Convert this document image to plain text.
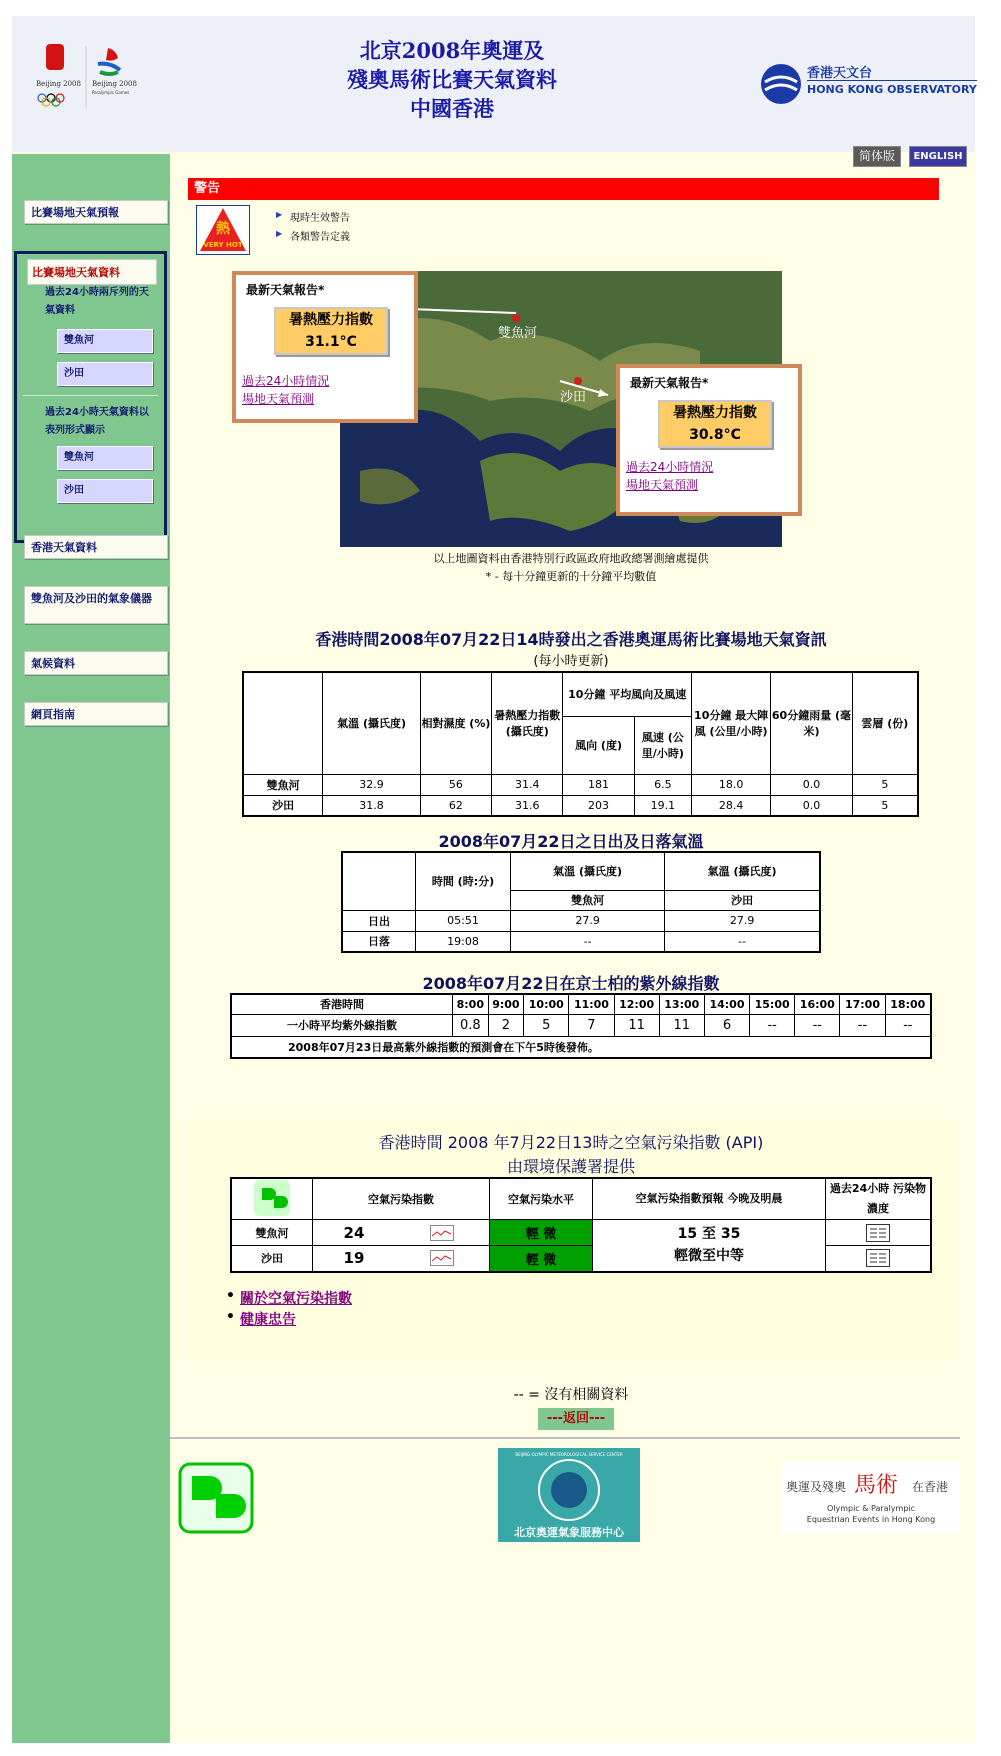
Beijing 2008 Beijing 2008
Paralympic Games
北京2008年奧運及
殘奧馬術比賽天氣資料
中國香港
香港天文台
HONG KONG OBSERVATORY
比賽場地天氣預報
比賽場地天氣資料
過去24小時兩斥列的天氣資料
雙魚河
沙田
過去24小時天氣資料以表列形式顯示
雙魚河
沙田
香港天氣資料
雙魚河及沙田的氣象儀器
氣候資料
網頁指南
简体版	ENGLISH
警告
熱
VERY HOT
▶ 現時生效警告
▶ 各類警告定義
雙魚河
沙田
最新天氣報告*
暑熱壓力指數
31.1°C
過去24小時情況
場地天氣預測
最新天氣報告*
暑熱壓力指數
30.8°C
過去24小時情況
場地天氣預測
以上地圖資料由香港特別行政區政府地政總署測繪處提供
* - 每十分鐘更新的十分鐘平均數值
香港時間2008年07月22日14時發出之香港奧運馬術比賽場地天氣資訊
(每小時更新)
	氣溫 (攝氏度)	相對濕度 (%)	暑熱壓力指數 (攝氏度)	10分鐘 平均風向及風速		10分鐘 最大陣風 (公里/小時)	60分鐘雨量 (毫米)	雲層 (份)
				風向 (度)	風速 (公里/小時)			
雙魚河	32.9	56	31.4	181	6.5	18.0	0.0	5
沙田	31.8	62	31.6	203	19.1	28.4	0.0	5
2008年07月22日之日出及日落氣溫
	時間 (時:分)	氣溫 (攝氏度)	氣溫 (攝氏度)
		雙魚河	沙田
日出	05:51	27.9	27.9
日落	19:08	--	--
2008年07月22日在京士柏的紫外線指數
香港時間	8:00	9:00	10:00	11:00	12:00	13:00	14:00	15:00	16:00	17:00	18:00
一小時平均紫外線指數	0.8	2	5	7	11	11	6	--	--	--	--
2008年07月23日最高紫外線指數的預測會在下午5時後發佈。											
香港時間 2008 年7月22日13時之空氣污染指數 (API)
由環境保護署提供
	空氣污染指數		空氣污染水平	空氣污染指數預報 今晚及明晨	過去24小時 污染物濃度
雙魚河	24		輕 微	15 至 35
輕微至中等

沙田	19		輕 微	
• 關於空氣污染指數
• 健康忠告
-- = 沒有相關資料
---返回---
北京奧運氣象服務中心
BEIJING OLYMPIC METEOROLOGICAL SERVICE CENTER
奧運及殘奧 馬術 在香港
Olympic & Paralympic
Equestrian Events in Hong Kong
